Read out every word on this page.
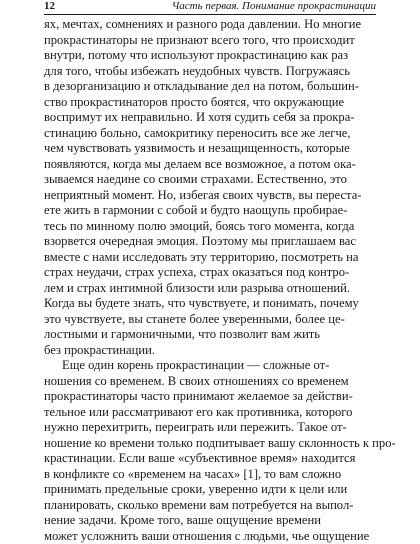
12	Часть первая. Понимание прокрастинации
ях, мечтах, сомнениях и разного рода давлении. Но многие
прокрастинаторы не признают всего того, что происходит
внутри, потому что используют прокрастинацию как раз
для того, чтобы избежать неудобных чувств. Погружаясь
в дезорганизацию и откладывание дел на потом, большин-
ство прокрастинаторов просто боятся, что окружающие
воспримут их неправильно. И хотя судить себя за прокра-
стинацию больно, самокритику переносить все же легче,
чем чувствовать уязвимость и незащищенность, которые
появляются, когда мы делаем все возможное, а потом ока-
зываемся наедине со своими страхами. Естественно, это
неприятный момент. Но, избегая своих чувств, вы переста-
ете жить в гармонии с собой и будто наощупь пробирае-
тесь по минному полю эмоций, боясь того момента, когда
взорвется очередная эмоция. Поэтому мы приглашаем вас
вместе с нами исследовать эту территорию, посмотреть на
страх неудачи, страх успеха, страх оказаться под контро-
лем и страх интимной близости или разрыва отношений.
Когда вы будете знать, что чувствуете, и понимать, почему
это чувствуете, вы станете более уверенными, более це-
лостными и гармоничными, что позволит вам жить
без прокрастинации.
Еще один корень прокрастинации — сложные от-
ношения со временем. В своих отношениях со временем
прокрастинаторы часто принимают желаемое за действи-
тельное или рассматривают его как противника, которого
нужно перехитрить, переиграть или пережить. Такое от-
ношение ко времени только подпитывает вашу склонность к про-
крастинации. Если ваше «субъективное время» находится
в конфликте со «временем на часах» [1], то вам сложно
принимать предельные сроки, уверенно идти к цели или
планировать, сколько времени вам потребуется на выпол-
нение задачи. Кроме того, ваше ощущение времени
может усложнить ваши отношения с людьми, чье ощущение
